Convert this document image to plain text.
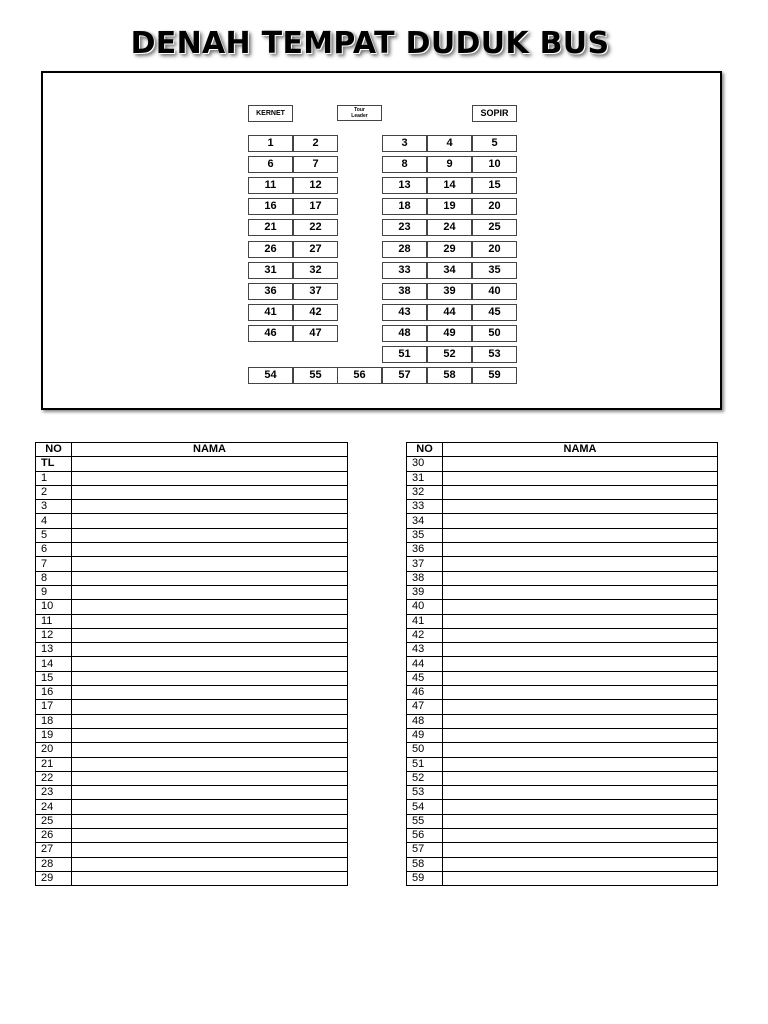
DENAH TEMPAT DUDUK BUS
KERNET	Tour
Leader	SOPIR
1	2	3	4	5
6	7	8	9	10
11	12	13	14	15
16	17	18	19	20
21	22	23	24	25
26	27	28	29	20
31	32	33	34	35
36	37	38	39	40
41	42	43	44	45
46	47	48	49	50
51	52	53
54	55	56	57	58	59
NO	NAMA
TL	
1	
2	
3	
4	
5	
6	
7	
8	
9	
10	
11	
12	
13	
14	
15	
16	
17	
18	
19	
20	
21	
22	
23	
24	
25	
26	
27	
28	
29	
NO	NAMA
30	
31	
32	
33	
34	
35	
36	
37	
38	
39	
40	
41	
42	
43	
44	
45	
46	
47	
48	
49	
50	
51	
52	
53	
54	
55	
56	
57	
58	
59	
